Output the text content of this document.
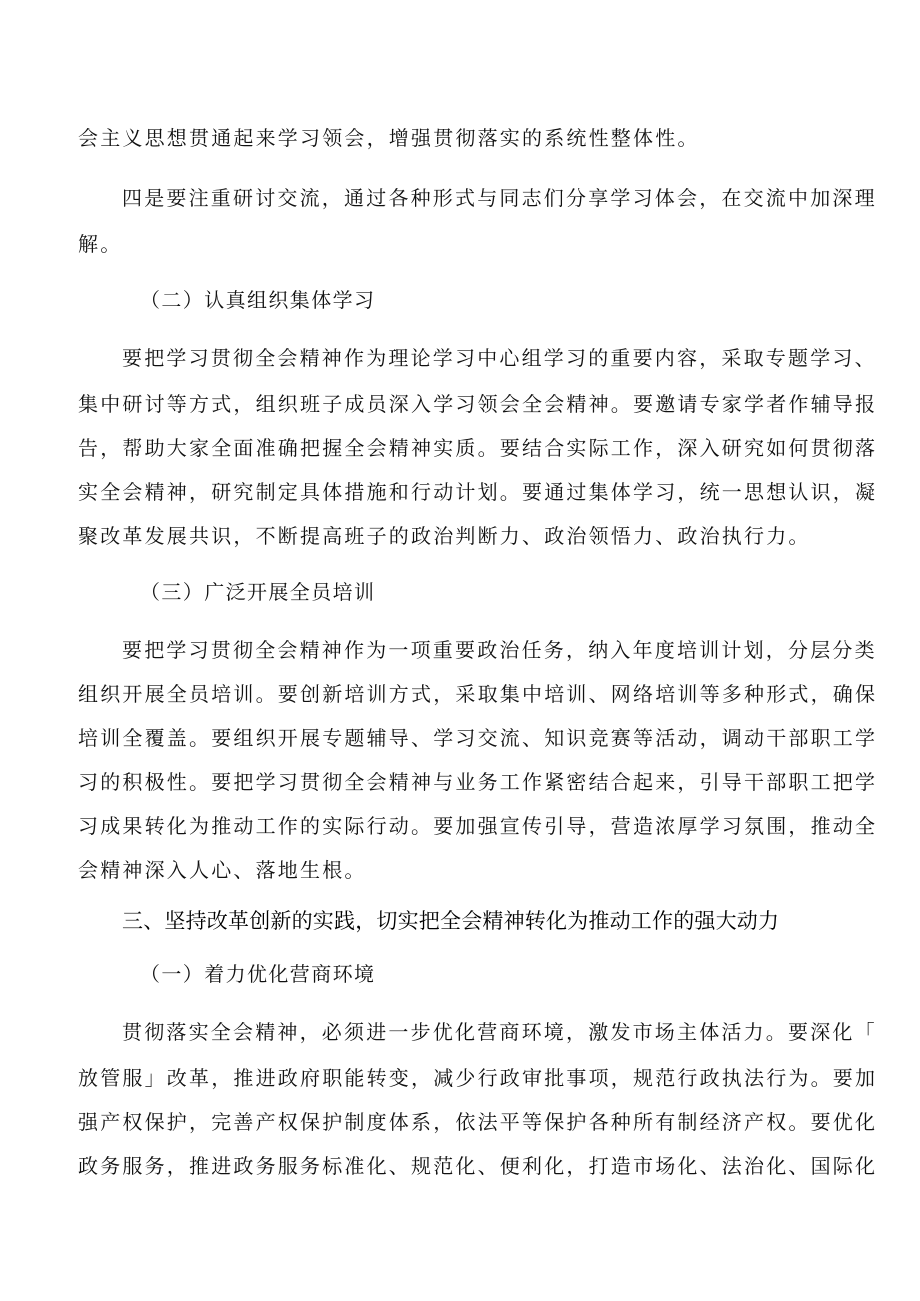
会主义思想贯通起来学习领会，增强贯彻落实的系统性整体性。
四是要注重研讨交流，通过各种形式与同志们分享学习体会，在交流中加深理
解。
（二）认真组织集体学习
要把学习贯彻全会精神作为理论学习中心组学习的重要内容，采取专题学习、
集中研讨等方式，组织班子成员深入学习领会全会精神。要邀请专家学者作辅导报
告，帮助大家全面准确把握全会精神实质。要结合实际工作，深入研究如何贯彻落
实全会精神，研究制定具体措施和行动计划。要通过集体学习，统一思想认识，凝
聚改革发展共识，不断提高班子的政治判断力、政治领悟力、政治执行力。
（三）广泛开展全员培训
要把学习贯彻全会精神作为一项重要政治任务，纳入年度培训计划，分层分类
组织开展全员培训。要创新培训方式，采取集中培训、网络培训等多种形式，确保
培训全覆盖。要组织开展专题辅导、学习交流、知识竞赛等活动，调动干部职工学
习的积极性。要把学习贯彻全会精神与业务工作紧密结合起来，引导干部职工把学
习成果转化为推动工作的实际行动。要加强宣传引导，营造浓厚学习氛围，推动全
会精神深入人心、落地生根。
三、坚持改革创新的实践，切实把全会精神转化为推动工作的强大动力
（一）着力优化营商环境
贯彻落实全会精神，必须进一步优化营商环境，激发市场主体活力。要深化「
放管服」改革，推进政府职能转变，减少行政审批事项，规范行政执法行为。要加
强产权保护，完善产权保护制度体系，依法平等保护各种所有制经济产权。要优化
政务服务，推进政务服务标准化、规范化、便利化，打造市场化、法治化、国际化
